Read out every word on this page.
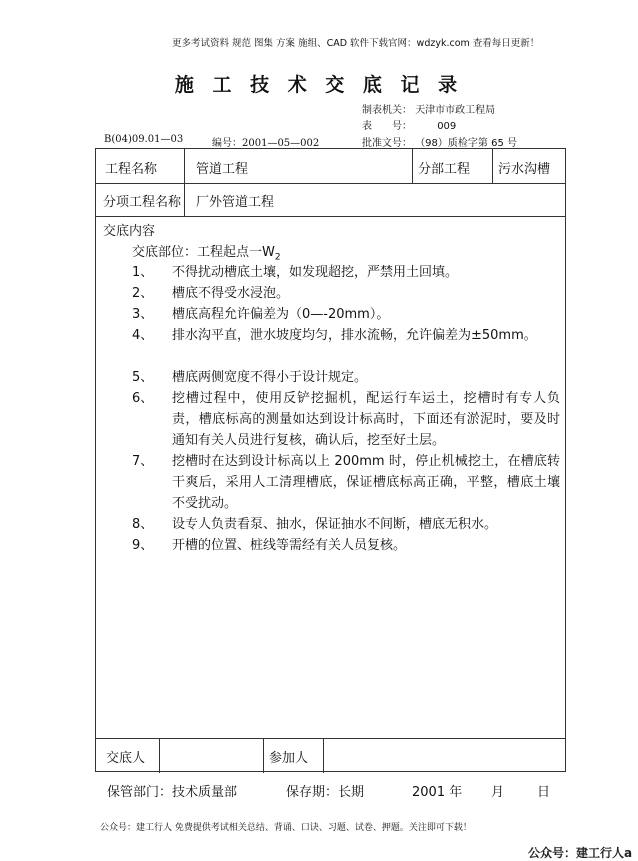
更多考试资料 规范 图集 方案 施组、CAD 软件下载官网：wdzyk.com 查看每日更新！
施 工 技 术 交 底 记 录
制表机关： 天津市市政工程局
表　　号：	009
批准文号： （98）质检字第 65 号
B(04)09.01—03	编号：2001—05—002
工程名称	管道工程	分部工程 污水沟槽
分项工程名称 厂外管道工程
交底内容
交底部位：工程起点一$W_2$
1、	不得扰动槽底土壤，如发现超挖，严禁用土回填。
2、	槽底不得受水浸泡。
3、	槽底高程允许偏差为（0—-20mm）。
4、	排水沟平直，泄水坡度均匀，排水流畅，允许偏差为±50mm。
5、	槽底两侧宽度不得小于设计规定。
6、	挖槽过程中，使用反铲挖掘机，配运行车运土，挖槽时有专人负责，槽底标高的测量如达到设计标高时，下面还有淤泥时，要及时通知有关人员进行复核，确认后，挖至好土层。
7、	挖槽时在达到设计标高以上 200mm 时，停止机械挖土，在槽底转干爽后，采用人工清理槽底，保证槽底标高正确，平整，槽底土壤不受扰动。
8、	设专人负责看泵、抽水，保证抽水不间断，槽底无积水。
9、	开槽的位置、桩线等需经有关人员复核。
交底人	参加人
保管部门：技术质量部	保存期：长期	2001 年 月	日
公众号：建工行人 免费提供考试相关总结、背诵、口诀、习题、试卷、押题。关注即可下载！
公众号：建工行人a
